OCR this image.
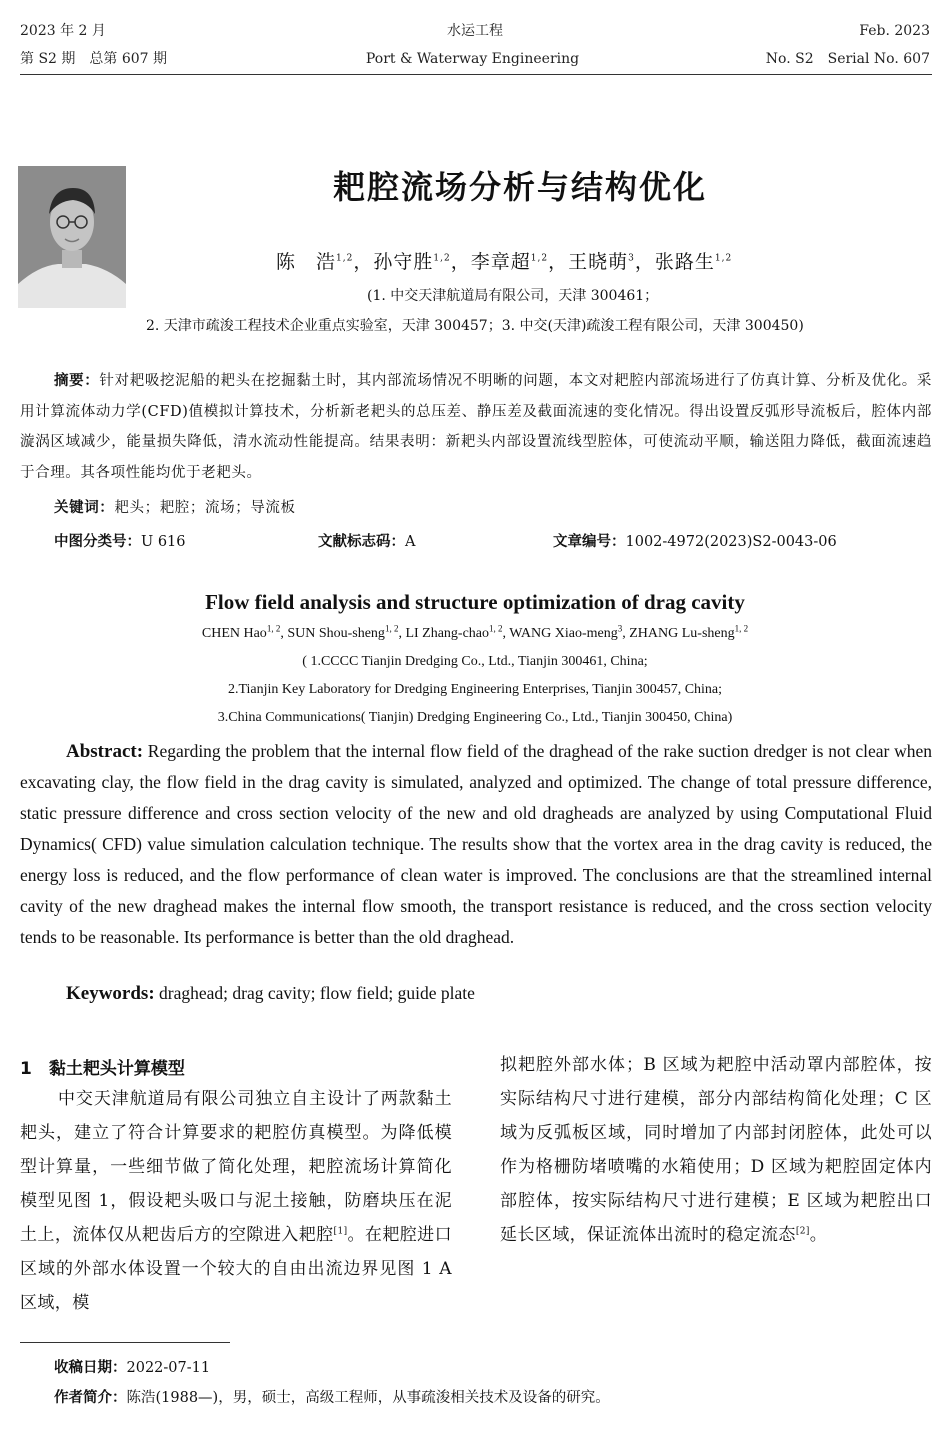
2023 年 2 月
第 S2 期　总第 607 期
水运工程
Port & Waterway Engineering
Feb. 2023
No. S2　Serial No. 607
耙腔流场分析与结构优化
陈　浩$^{1,2}$，孙守胜$^{1,2}$，李章超$^{1,2}$，王晓萌$^3$，张路生$^{1,2}$
(1. 中交天津航道局有限公司，天津 300461；
2. 天津市疏浚工程技术企业重点实验室，天津 300457；3. 中交(天津)疏浚工程有限公司，天津 300450)
摘要：针对耙吸挖泥船的耙头在挖掘黏土时，其内部流场情况不明晰的问题，本文对耙腔内部流场进行了仿真计算、分析及优化。采用计算流体动力学(CFD)值模拟计算技术，分析新老耙头的总压差、静压差及截面流速的变化情况。得出设置反弧形导流板后，腔体内部漩涡区域减少，能量损失降低，清水流动性能提高。结果表明：新耙头内部设置流线型腔体，可使流动平顺，输送阻力降低，截面流速趋于合理。其各项性能均优于老耙头。
关键词：耙头；耙腔；流场；导流板
中图分类号：U 616	文献标志码：A	文章编号：1002-4972(2023)S2-0043-06
Flow field analysis and structure optimization of drag cavity
CHEN Hao$^{1, 2}$, SUN Shou-sheng$^{1, 2}$, LI Zhang-chao$^{1, 2}$, WANG Xiao-meng$^3$, ZHANG Lu-sheng$^{1, 2}$
( 1.CCCC Tianjin Dredging Co., Ltd., Tianjin 300461, China;
2.Tianjin Key Laboratory for Dredging Engineering Enterprises, Tianjin 300457, China;
3.China Communications( Tianjin) Dredging Engineering Co., Ltd., Tianjin 300450, China)
Abstract: Regarding the problem that the internal flow field of the draghead of the rake suction dredger is not clear when excavating clay, the flow field in the drag cavity is simulated, analyzed and optimized. The change of total pressure difference, static pressure difference and cross section velocity of the new and old dragheads are analyzed by using Computational Fluid Dynamics( CFD) value simulation calculation technique. The results show that the vortex area in the drag cavity is reduced, the energy loss is reduced, and the flow performance of clean water is improved. The conclusions are that the streamlined internal cavity of the new draghead makes the internal flow smooth, the transport resistance is reduced, and the cross section velocity tends to be reasonable. Its performance is better than the old draghead.
Keywords: draghead; drag cavity; flow field; guide plate
1　黏土耙头计算模型
中交天津航道局有限公司独立自主设计了两款黏土耙头，建立了符合计算要求的耙腔仿真模型。为降低模型计算量，一些细节做了简化处理，耙腔流场计算简化模型见图 1，假设耙头吸口与泥土接触，防磨块压在泥土上，流体仅从耙齿后方的空隙进入耙腔[1]。在耙腔进口区域的外部水体设置一个较大的自由出流边界见图 1 A 区域，模
拟耙腔外部水体；B 区域为耙腔中活动罩内部腔体，按实际结构尺寸进行建模，部分内部结构简化处理；C 区域为反弧板区域，同时增加了内部封闭腔体，此处可以作为格栅防堵喷嘴的水箱使用；D 区域为耙腔固定体内部腔体，按实际结构尺寸进行建模；E 区域为耙腔出口延长区域，保证流体出流时的稳定流态[2]。
收稿日期：2022-07-11
作者简介：陈浩(1988—)，男，硕士，高级工程师，从事疏浚相关技术及设备的研究。
